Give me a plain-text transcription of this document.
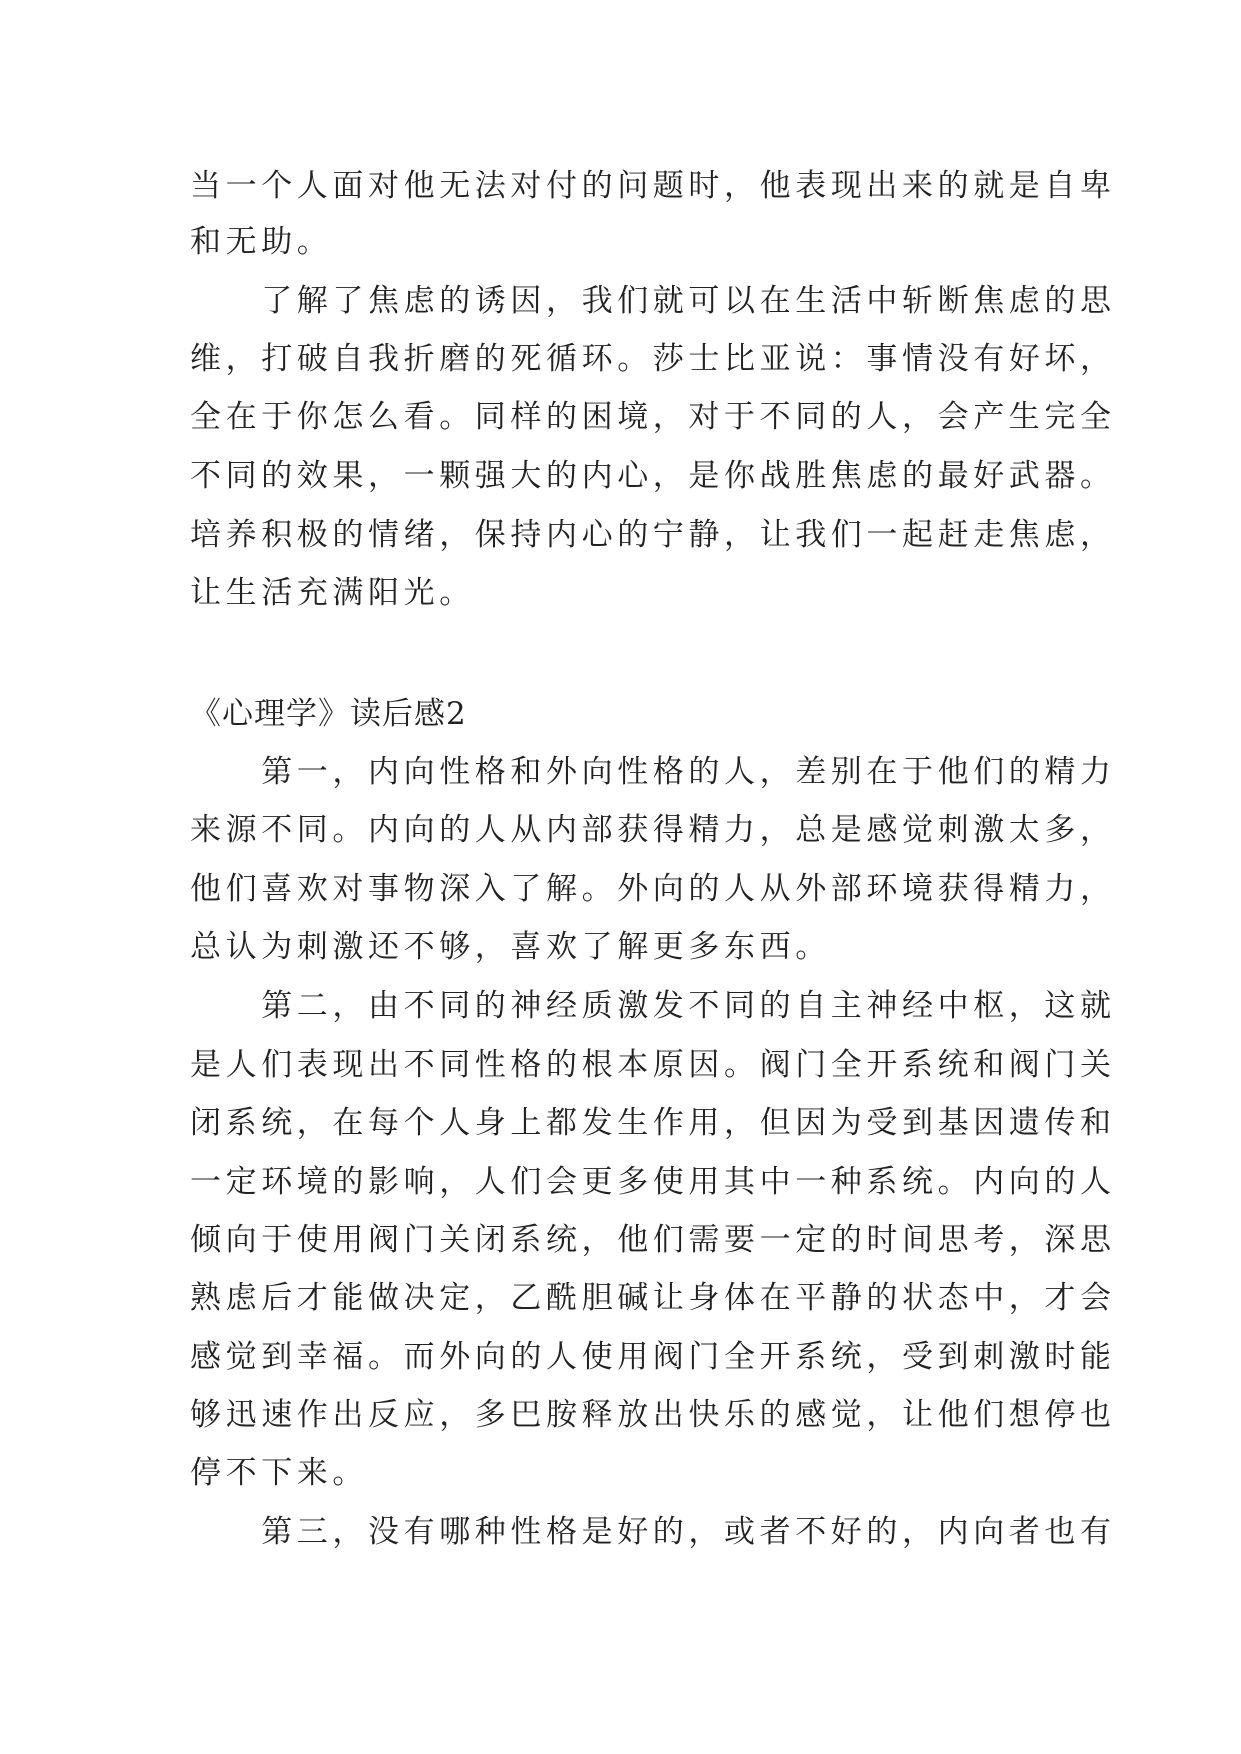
当一个人面对他无法对付的问题时，他表现出来的就是自卑
和无助。
　　了解了焦虑的诱因，我们就可以在生活中斩断焦虑的思
维，打破自我折磨的死循环。莎士比亚说：事情没有好坏，
全在于你怎么看。同样的困境，对于不同的人，会产生完全
不同的效果，一颗强大的内心，是你战胜焦虑的最好武器。
培养积极的情绪，保持内心的宁静，让我们一起赶走焦虑，
让生活充满阳光。
《心理学》读后感2
　　第一，内向性格和外向性格的人，差别在于他们的精力
来源不同。内向的人从内部获得精力，总是感觉刺激太多，
他们喜欢对事物深入了解。外向的人从外部环境获得精力，
总认为刺激还不够，喜欢了解更多东西。
　　第二，由不同的神经质激发不同的自主神经中枢，这就
是人们表现出不同性格的根本原因。阀门全开系统和阀门关
闭系统，在每个人身上都发生作用，但因为受到基因遗传和
一定环境的影响，人们会更多使用其中一种系统。内向的人
倾向于使用阀门关闭系统，他们需要一定的时间思考，深思
熟虑后才能做决定，乙酰胆碱让身体在平静的状态中，才会
感觉到幸福。而外向的人使用阀门全开系统，受到刺激时能
够迅速作出反应，多巴胺释放出快乐的感觉，让他们想停也
停不下来。
　　第三，没有哪种性格是好的，或者不好的，内向者也有
